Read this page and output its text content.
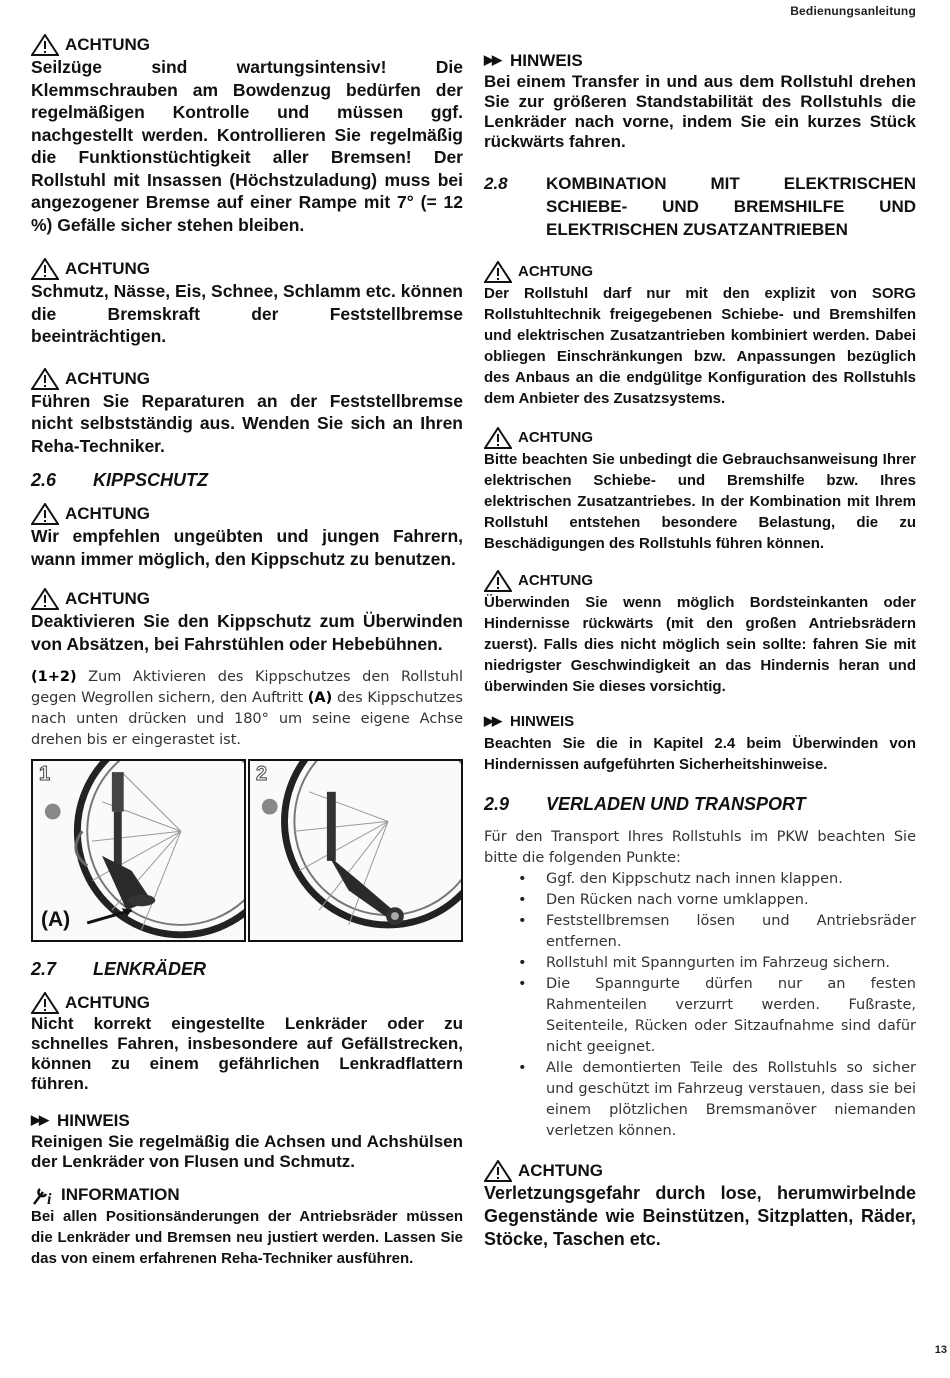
Bedienungsanleitung
ACHTUNG
Seilzüge sind wartungsintensiv! Die Klemmschrauben am Bowdenzug bedürfen der regelmäßigen Kontrolle und müssen ggf. nachgestellt werden. Kontrollieren Sie regelmäßig die Funktionstüchtigkeit aller Bremsen! Der Rollstuhl mit Insassen (Höchstzuladung) muss bei angezogener Bremse auf einer Rampe mit 7° (= 12 %) Gefälle sicher stehen bleiben.
ACHTUNG
Schmutz, Nässe, Eis, Schnee, Schlamm etc. können die Bremskraft der Feststellbremse beeinträchtigen.
ACHTUNG
Führen Sie Reparaturen an der Feststellbremse nicht selbstständig aus. Wenden Sie sich an Ihren Reha-Techniker.
2.6	KIPPSCHUTZ
ACHTUNG
Wir empfehlen ungeübten und jungen Fahrern, wann immer möglich, den Kippschutz zu benutzen.
ACHTUNG
Deaktivieren Sie den Kippschutz zum Überwinden von Absätzen, bei Fahrstühlen oder Hebebühnen.
(1+2) Zum Aktivieren des Kippschutzes den Rollstuhl gegen Wegrollen sichern, den Auftritt (A) des Kippschutzes nach unten drücken und 180° um seine eigene Achse drehen bis er eingerastet ist.
1
(A)
2
2.7	LENKRÄDER
ACHTUNG
Nicht korrekt eingestellte Lenkräder oder zu schnelles Fahren, insbesondere auf Gefällstrecken, können zu einem gefährlichen Lenkradflattern führen.
▶▶ HINWEIS
Reinigen Sie regelmäßig die Achsen und Achshülsen der Lenkräder von Flusen und Schmutz.
i INFORMATION
Bei allen Positionsänderungen der Antriebsräder müssen die Lenkräder und Bremsen neu justiert werden. Lassen Sie das von einem erfahrenen Reha-Techniker ausführen.
▶▶ HINWEIS
Bei einem Transfer in und aus dem Rollstuhl drehen Sie zur größeren Standstabilität des Rollstuhls die Lenkräder nach vorne, indem Sie ein kurzes Stück rückwärts fahren.
2.8	KOMBINATION MIT ELEKTRISCHEN SCHIEBE- UND BREMSHILFE UND ELEKTRISCHEN ZUSATZANTRIEBEN
ACHTUNG
Der Rollstuhl darf nur mit den explizit von SORG Rollstuhltechnik freigegebenen Schiebe- und Bremshilfen und elektrischen Zusatzantrieben kombiniert werden. Dabei obliegen Einschränkungen bzw. Anpassungen bezüglich des Anbaus an die endgülitge Konfiguration des Rollstuhls dem Anbieter des Zusatzsystems.
ACHTUNG
Bitte beachten Sie unbedingt die Gebrauchsanweisung Ihrer elektrischen Schiebe- und Bremshilfe bzw. Ihres elektrischen Zusatzantriebes. In der Kombination mit Ihrem Rollstuhl entstehen besondere Belastung, die zu Beschädigungen des Rollstuhls führen können.
ACHTUNG
Überwinden Sie wenn möglich Bordsteinkanten oder Hindernisse rückwärts (mit den großen Antriebsrädern zuerst). Falls dies nicht möglich sein sollte: fahren Sie mit niedrigster Geschwindigkeit an das Hindernis heran und überwinden Sie dieses vorsichtig.
▶▶ HINWEIS
Beachten Sie die in Kapitel 2.4 beim Überwinden von Hindernissen aufgeführten Sicherheitshinweise.
2.9	VERLADEN UND TRANSPORT
Für den Transport Ihres Rollstuhls im PKW beachten Sie bitte die folgenden Punkte:
• Ggf. den Kippschutz nach innen klappen.
• Den Rücken nach vorne umklappen.
• Feststellbremsen lösen und Antriebsräder entfernen.
• Rollstuhl mit Spanngurten im Fahrzeug sichern.
• Die Spanngurte dürfen nur an festen Rahmenteilen verzurrt werden. Fußraste, Seitenteile, Rücken oder Sitzaufnahme sind dafür nicht geeignet.
• Alle demontierten Teile des Rollstuhls so sicher und geschützt im Fahrzeug verstauen, dass sie bei einem plötzlichen Bremsmanöver niemanden verletzen können.
ACHTUNG
Verletzungsgefahr durch lose, herumwirbelnde Gegenstände wie Beinstützen, Sitzplatten, Räder, Stöcke, Taschen etc.
13
